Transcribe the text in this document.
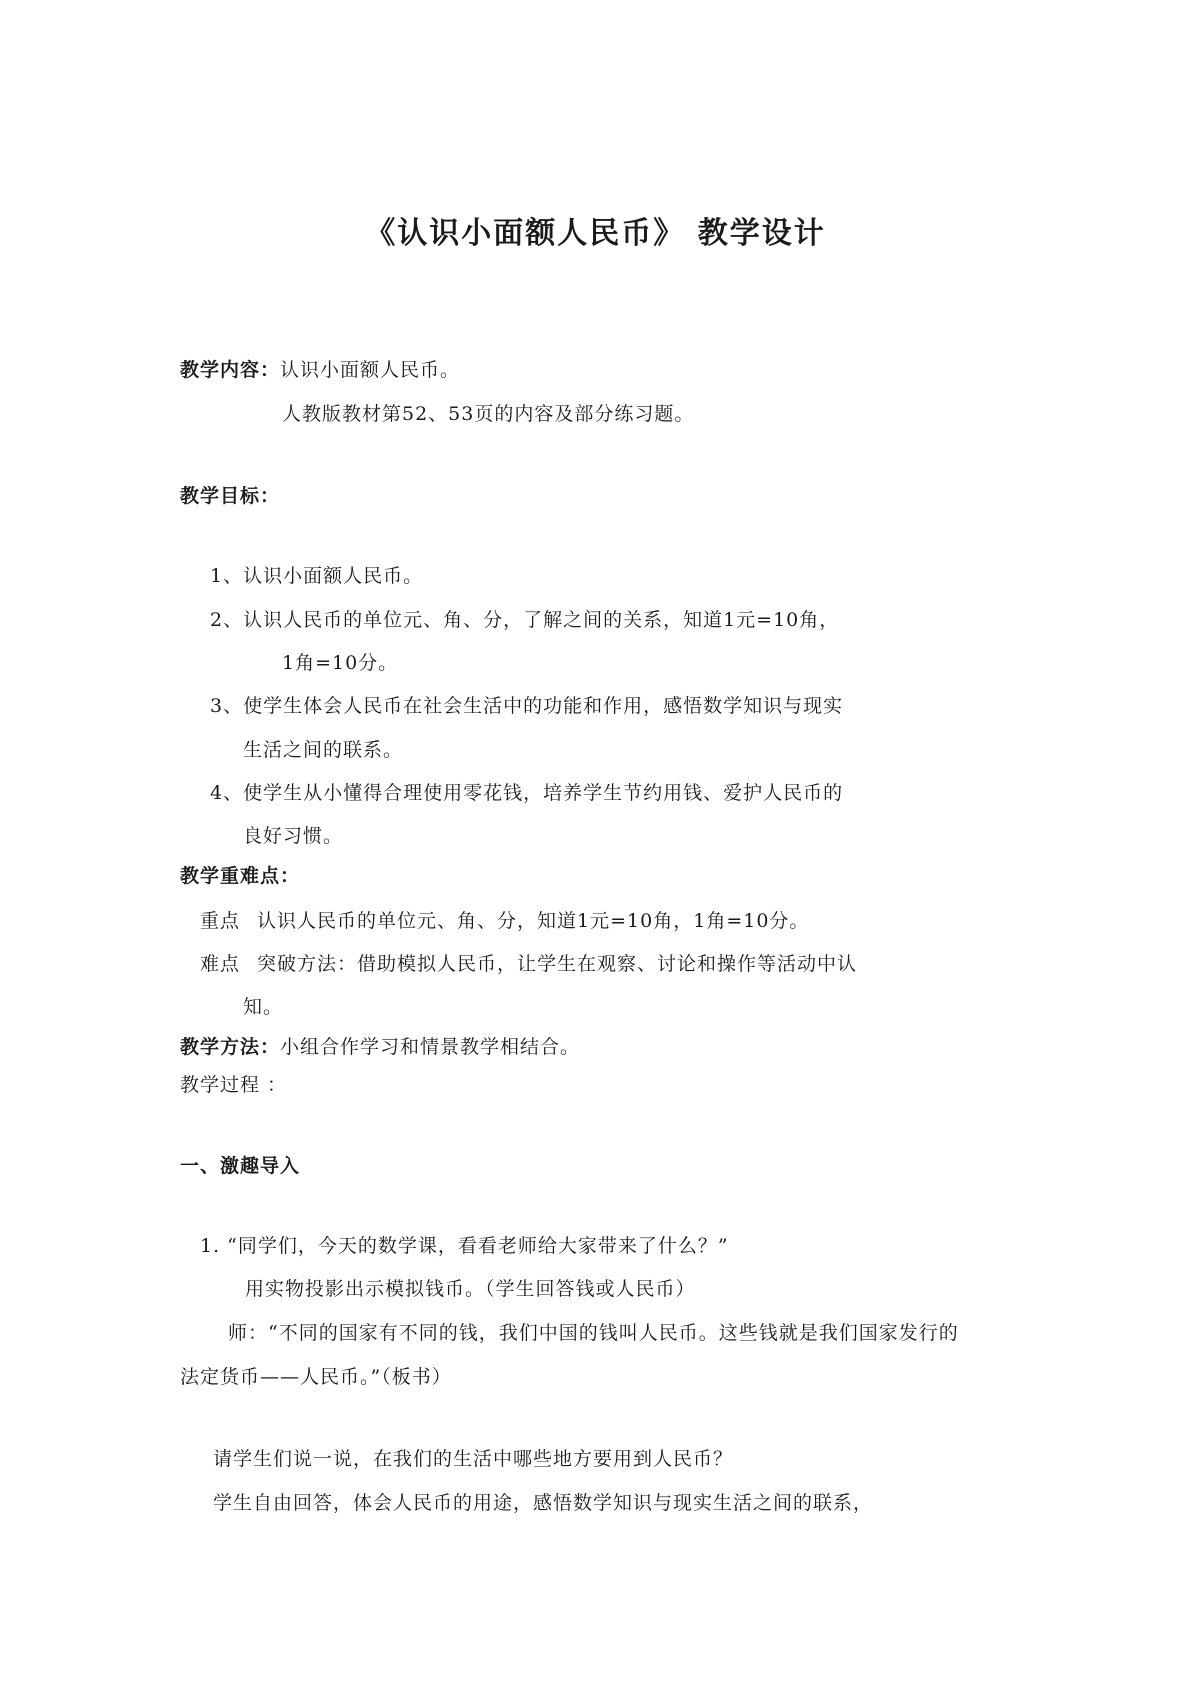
《认识小面额人民币》 教学设计
教学内容：认识小面额人民币。
人教版教材第52、53页的内容及部分练习题。
教学目标：
1、认识小面额人民币。
2、认识人民币的单位元、角、分，了解之间的关系，知道1元=10角，
1角=10分。
3、使学生体会人民币在社会生活中的功能和作用，感悟数学知识与现实
生活之间的联系。
4、使学生从小懂得合理使用零花钱，培养学生节约用钱、爱护人民币的
良好习惯。
教学重难点：
重点 认识人民币的单位元、角、分，知道1元=10角，1角=10分。
难点 突破方法：借助模拟人民币，让学生在观察、讨论和操作等活动中认
知。
教学方法：小组合作学习和情景教学相结合。
教学过程 ：
一、激趣导入
1. “同学们，今天的数学课，看看老师给大家带来了什么？”
用实物投影出示模拟钱币。（学生回答钱或人民币）
师：“不同的国家有不同的钱，我们中国的钱叫人民币。这些钱就是我们国家发行的
法定货币——人民币。”（板书）
请学生们说一说，在我们的生活中哪些地方要用到人民币？
学生自由回答，体会人民币的用途，感悟数学知识与现实生活之间的联系，
